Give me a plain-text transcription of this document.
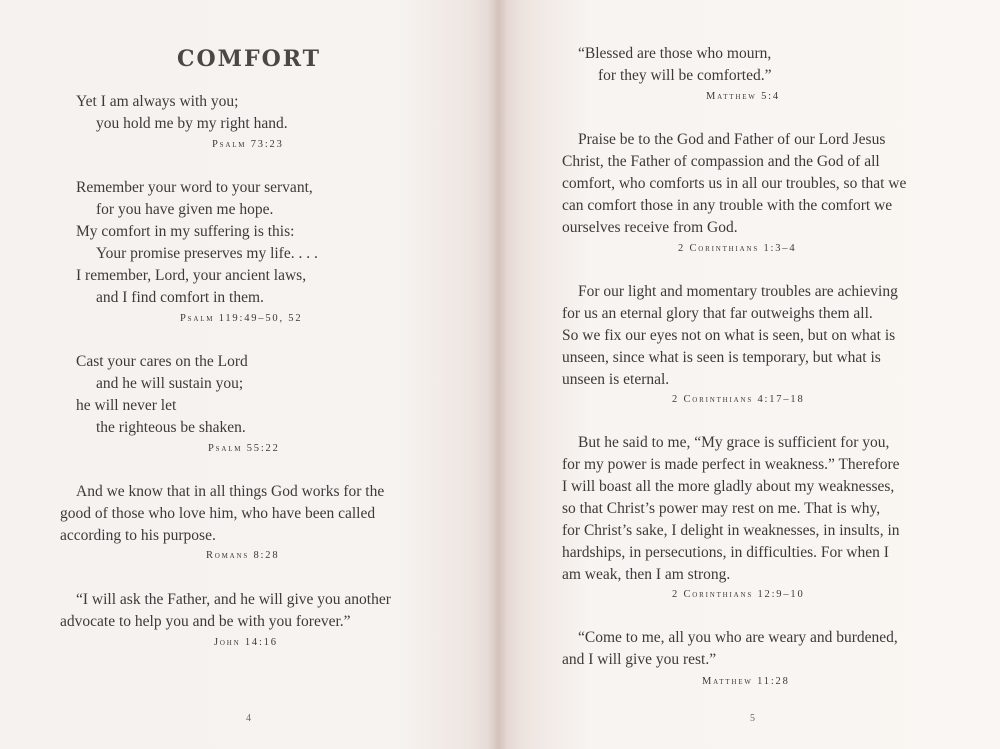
COMFORT
Yet I am always with you;
you hold me by my right hand.
Psalm 73:23
Remember your word to your servant,
for you have given me hope.
My comfort in my suffering is this:
Your promise preserves my life. . . .
I remember, Lord, your ancient laws,
and I find comfort in them.
Psalm 119:49–50, 52
Cast your cares on the Lord
and he will sustain you;
he will never let
the righteous be shaken.
Psalm 55:22
And we know that in all things God works for the
good of those who love him, who have been called
according to his purpose.
Romans 8:28
“I will ask the Father, and he will give you another
advocate to help you and be with you forever.”
John 14:16
4
“Blessed are those who mourn,
for they will be comforted.”
Matthew 5:4
Praise be to the God and Father of our Lord Jesus
Christ, the Father of compassion and the God of all
comfort, who comforts us in all our troubles, so that we
can comfort those in any trouble with the comfort we
ourselves receive from God.
2 Corinthians 1:3–4
For our light and momentary troubles are achieving
for us an eternal glory that far outweighs them all.
So we fix our eyes not on what is seen, but on what is
unseen, since what is seen is temporary, but what is
unseen is eternal.
2 Corinthians 4:17–18
But he said to me, “My grace is sufficient for you,
for my power is made perfect in weakness.” Therefore
I will boast all the more gladly about my weaknesses,
so that Christ’s power may rest on me. That is why,
for Christ’s sake, I delight in weaknesses, in insults, in
hardships, in persecutions, in difficulties. For when I
am weak, then I am strong.
2 Corinthians 12:9–10
“Come to me, all you who are weary and burdened,
and I will give you rest.”
Matthew 11:28
5
